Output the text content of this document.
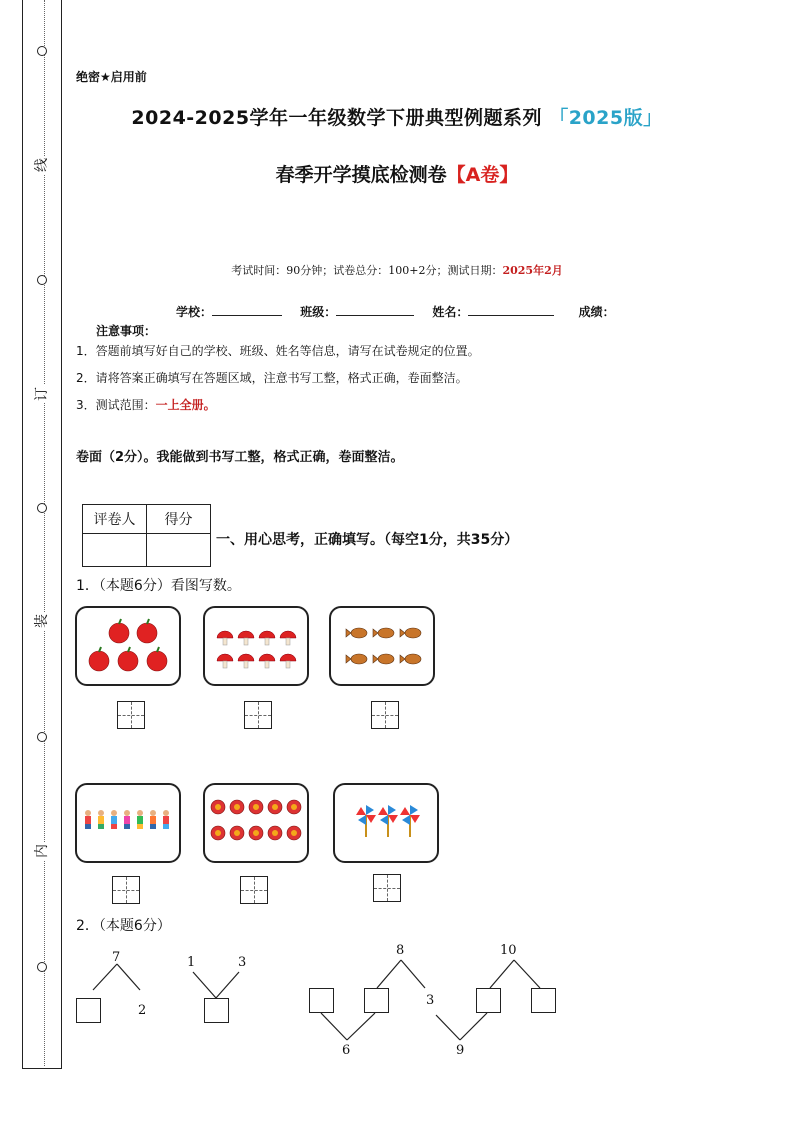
线
订
装
内
绝密★启用前
2024-2025学年一年级数学下册典型例题系列 「2025版」
春季开学摸底检测卷【A卷】
考试时间：90分钟；试卷总分：100+2分；测试日期：2025年2月
学校：	班级：	姓名：	成绩：
注意事项：
1．答题前填写好自己的学校、班级、姓名等信息，请写在试卷规定的位置。
2．请将答案正确填写在答题区域，注意书写工整，格式正确，卷面整洁。
3．测试范围：一上全册。
卷面（2分）。我能做到书写工整，格式正确，卷面整洁。
评卷人	得分

一、用心思考，正确填写。（每空1分，共35分）
1．（本题6分）看图写数。
2．（本题6分）
7
2
1	3
8
6
3
9
10
